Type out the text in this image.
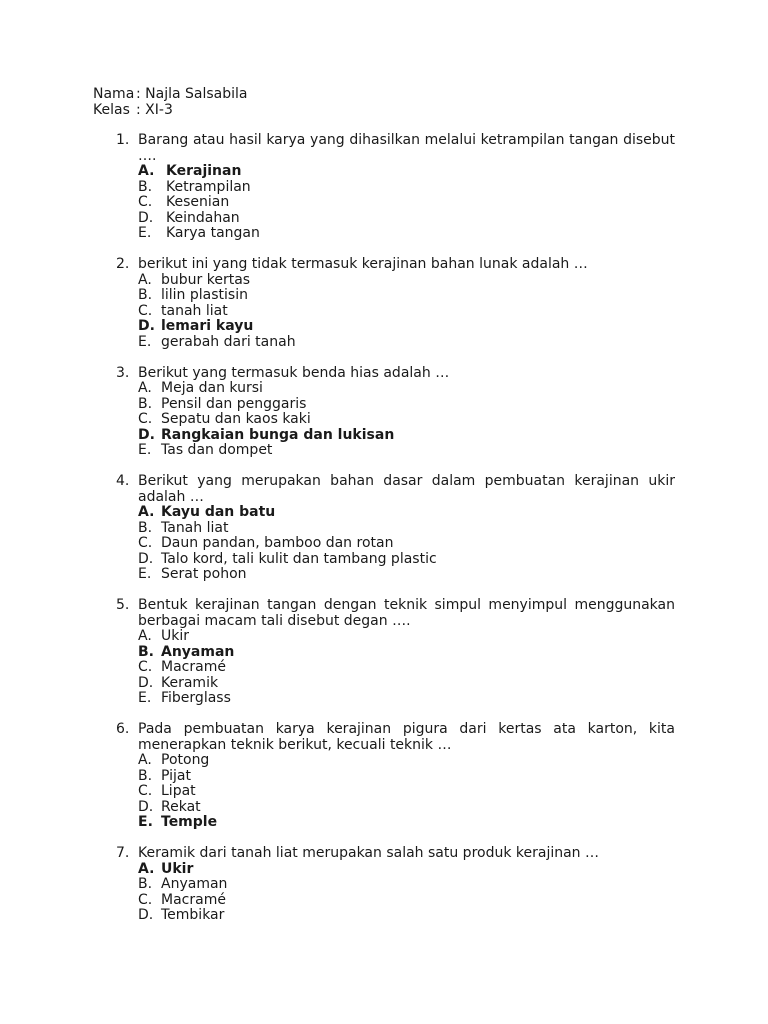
Nama : Najla Salsabila
Kelas : XI-3
1. Barang atau hasil karya yang dihasilkan melalui ketrampilan tangan disebut ….
A. Kerajinan
B. Ketrampilan
C. Kesenian
D. Keindahan
E. Karya tangan
2. berikut ini yang tidak termasuk kerajinan bahan lunak adalah …
A. bubur kertas
B. lilin plastisin
C. tanah liat
D. lemari kayu
E. gerabah dari tanah
3. Berikut yang termasuk benda hias adalah …
A. Meja dan kursi
B. Pensil dan penggaris
C. Sepatu dan kaos kaki
D. Rangkaian bunga dan lukisan
E. Tas dan dompet
4. Berikut yang merupakan bahan dasar dalam pembuatan kerajinan ukir adalah …
A. Kayu dan batu
B. Tanah liat
C. Daun pandan, bamboo dan rotan
D. Talo kord, tali kulit dan tambang plastic
E. Serat pohon
5. Bentuk kerajinan tangan dengan teknik simpul menyimpul menggunakan berbagai macam tali disebut degan ….
A. Ukir
B. Anyaman
C. Macramé
D. Keramik
E. Fiberglass
6. Pada pembuatan karya kerajinan pigura dari kertas ata karton, kita menerapkan teknik berikut, kecuali teknik …
A. Potong
B. Pijat
C. Lipat
D. Rekat
E. Temple
7. Keramik dari tanah liat merupakan salah satu produk kerajinan …
A. Ukir
B. Anyaman
C. Macramé
D. Tembikar
